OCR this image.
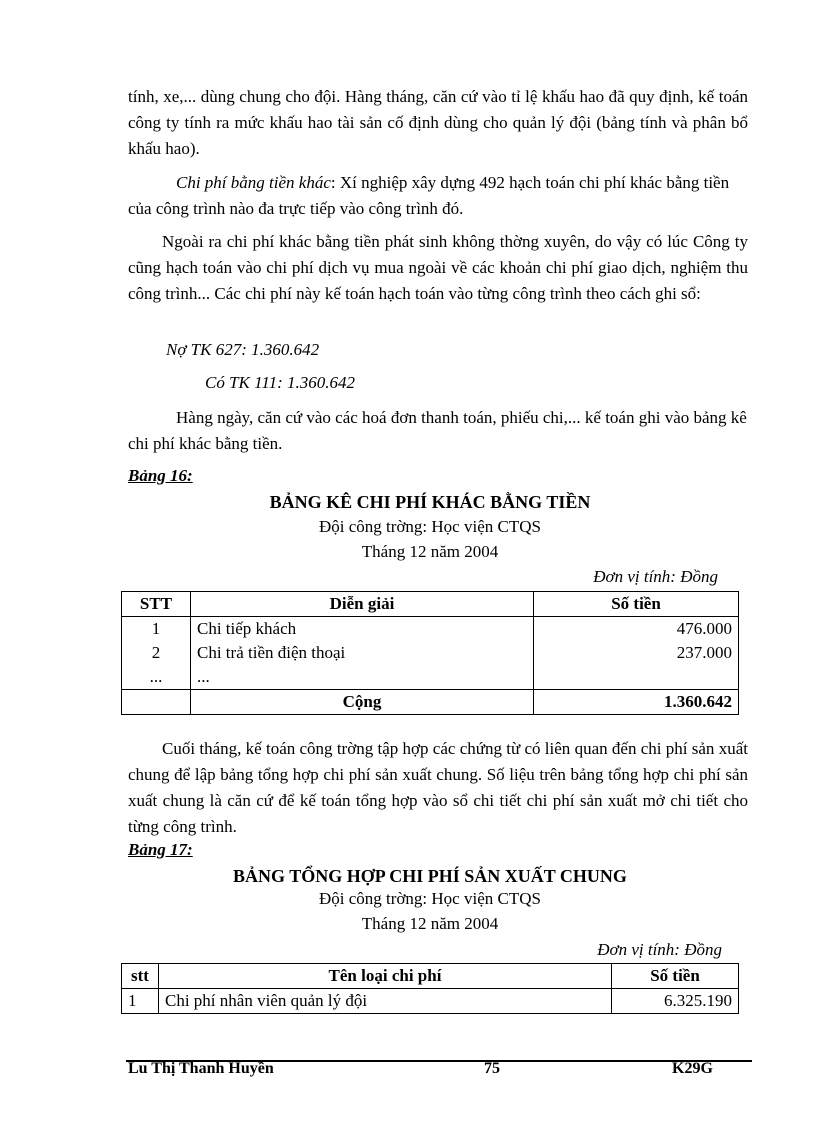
tính, xe,... dùng chung cho đội. Hàng tháng, căn cứ vào tỉ lệ khấu hao đã quy định, kế toán công ty tính ra mức khấu hao tài sản cố định dùng cho quản lý đội (bảng tính và phân bổ khấu hao).
Chi phí bằng tiền khác: Xí nghiệp xây dựng 492 hạch toán chi phí khác bằng tiền của công trình nào đa trực tiếp vào công trình đó.
Ngoài ra chi phí khác bằng tiền phát sinh không thờng xuyên, do vậy có lúc Công ty cũng hạch toán vào chi phí dịch vụ mua ngoài về các khoản chi phí giao dịch, nghiệm thu công trình... Các chi phí này kế toán hạch toán vào từng công trình theo cách ghi sổ:
Nợ TK 627: 1.360.642
Có TK 111: 1.360.642
Hàng ngày, căn cứ vào các hoá đơn thanh toán, phiếu chi,... kế toán ghi vào bảng kê chi phí khác bằng tiền.
Bảng 16:
BẢNG KÊ CHI PHÍ KHÁC BẰNG TIỀN
Đội công trờng: Học viện CTQS
Tháng 12 năm 2004
Đơn vị tính: Đồng
STT	Diễn giải	Số tiền
1	Chi tiếp khách	476.000
2	Chi trả tiền điện thoại	237.000
...	...	
	Cộng	1.360.642
Cuối tháng, kế toán công trờng tập hợp các chứng từ có liên quan đến chi phí sản xuất chung để lập bảng tổng hợp chi phí sản xuất chung. Số liệu trên bảng tổng hợp chi phí sản xuất chung là căn cứ để kế toán tổng hợp vào sổ chi tiết chi phí sản xuất mở chi tiết cho từng công trình.
Bảng 17:
BẢNG TỔNG HỢP CHI PHÍ SẢN XUẤT CHUNG
Đội công trờng: Học viện CTQS
Tháng 12 năm 2004
Đơn vị tính: Đồng
stt	Tên loại chi phí	Số tiền
1	Chi phí nhân viên quản lý đội	6.325.190
Lu Thị Thanh Huyền	75	K29G
